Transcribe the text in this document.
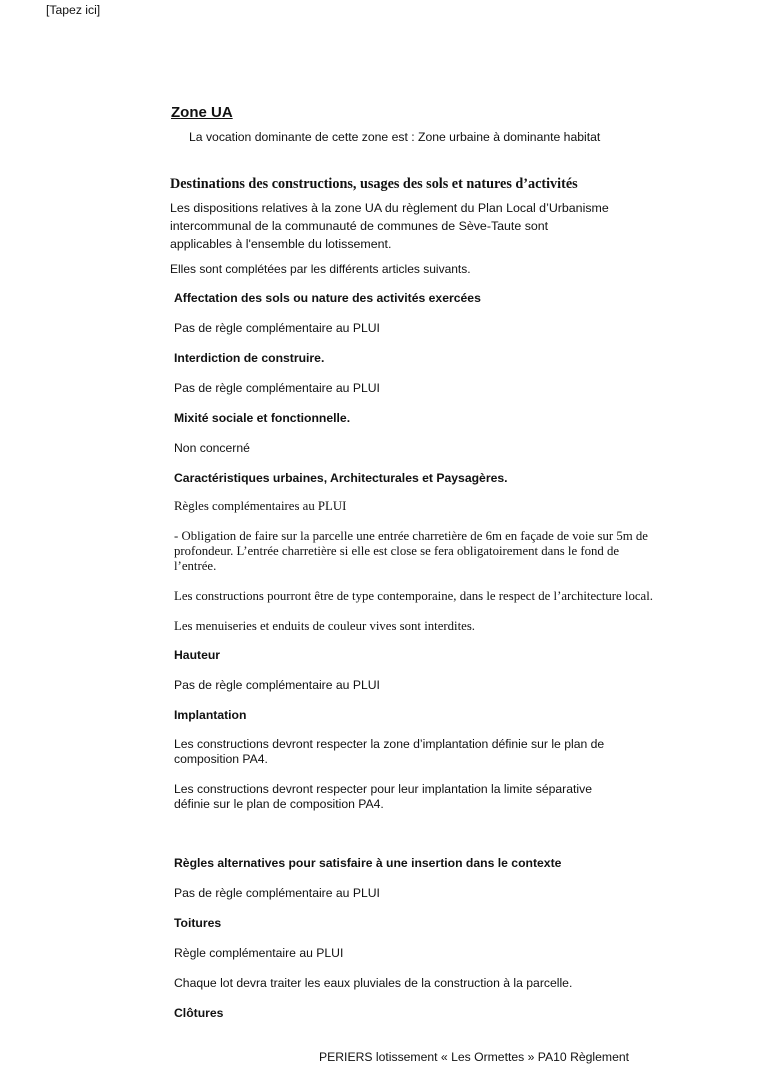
[Tapez ici]
Zone UA
La vocation dominante de cette zone est : Zone urbaine à dominante habitat
Destinations des constructions, usages des sols et natures d’activités
Les dispositions relatives à la zone UA du règlement du Plan Local d’Urbanisme
intercommunal de la communauté de communes de Sève-Taute sont
applicables à l'ensemble du lotissement.
Elles sont complétées par les différents articles suivants.
Affectation des sols ou nature des activités exercées
Pas de règle complémentaire au PLUI
Interdiction de construire.
Pas de règle complémentaire au PLUI
Mixité sociale et fonctionnelle.
Non concerné
Caractéristiques urbaines, Architecturales et Paysagères.
Règles complémentaires au PLUI
- Obligation de faire sur la parcelle une entrée charretière de 6m en façade de voie sur 5m de
profondeur. L’entrée charretière si elle est close se fera obligatoirement dans le fond de
l’entrée.
Les constructions pourront être de type contemporaine, dans le respect de l’architecture local.
Les menuiseries et enduits de couleur vives sont interdites.
Hauteur
Pas de règle complémentaire au PLUI
Implantation
Les constructions devront respecter la zone d’implantation définie sur le plan de
composition PA4.
Les constructions devront respecter pour leur implantation la limite séparative
définie sur le plan de composition PA4.
Règles alternatives pour satisfaire à une insertion dans le contexte
Pas de règle complémentaire au PLUI
Toitures
Règle complémentaire au PLUI
Chaque lot devra traiter les eaux pluviales de la construction à la parcelle.
Clôtures
PERIERS lotissement « Les Ormettes » PA10 Règlement
